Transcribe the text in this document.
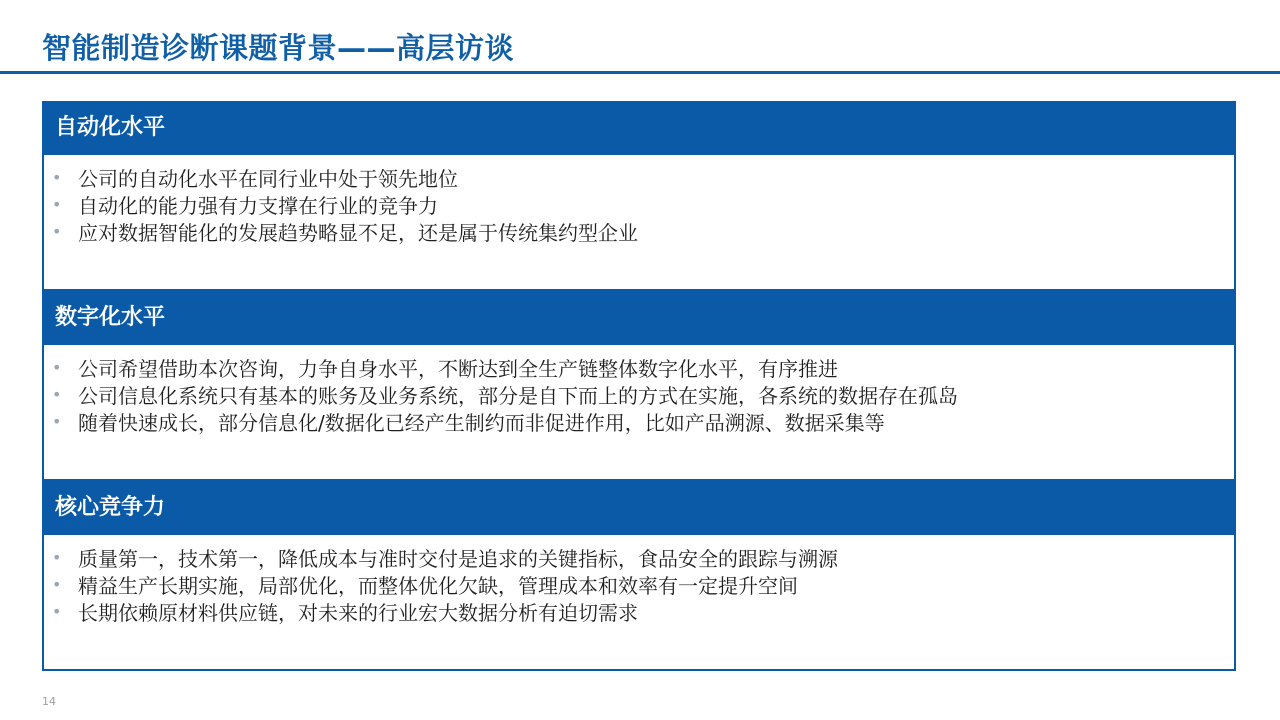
智能制造诊断课题背景——高层访谈
自动化水平
• 公司的自动化水平在同行业中处于领先地位
• 自动化的能力强有力支撑在行业的竞争力
• 应对数据智能化的发展趋势略显不足，还是属于传统集约型企业
数字化水平
• 公司希望借助本次咨询，力争自身水平，不断达到全生产链整体数字化水平，有序推进
• 公司信息化系统只有基本的账务及业务系统，部分是自下而上的方式在实施，各系统的数据存在孤岛
• 随着快速成长，部分信息化/数据化已经产生制约而非促进作用，比如产品溯源、数据采集等
核心竞争力
• 质量第一，技术第一，降低成本与准时交付是追求的关键指标，食品安全的跟踪与溯源
• 精益生产长期实施，局部优化，而整体优化欠缺，管理成本和效率有一定提升空间
• 长期依赖原材料供应链，对未来的行业宏大数据分析有迫切需求
14
